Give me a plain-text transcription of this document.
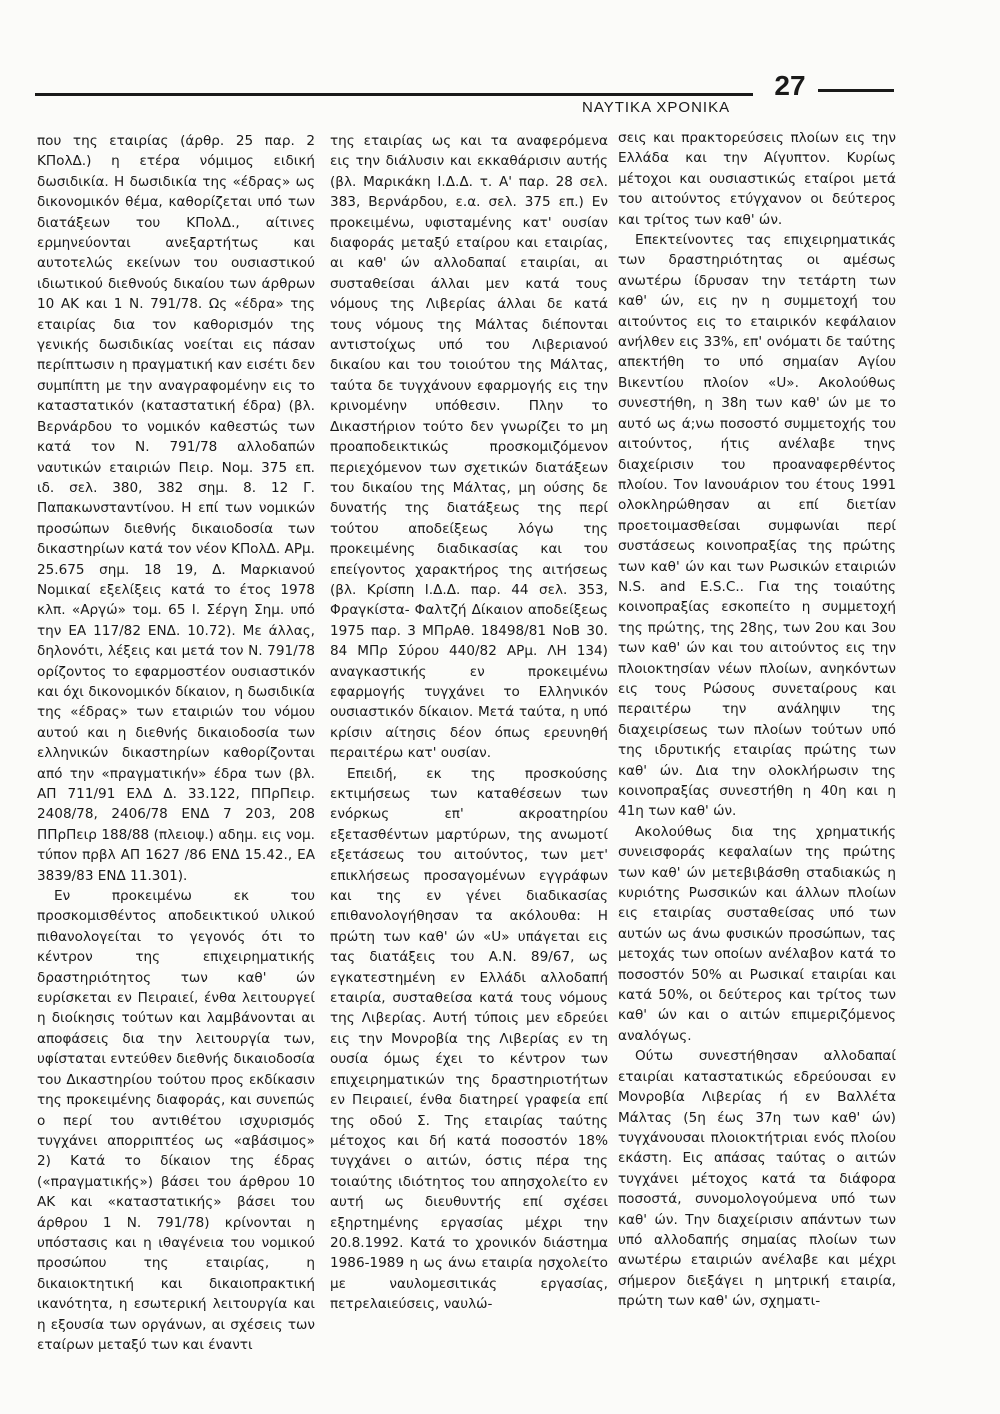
27
ΝΑΥΤΙΚΑ ΧΡΟΝΙΚΑ

που της εταιρίας (άρθρ. 25 παρ. 2 ΚΠολΔ.) η ετέρα νόμιμος ειδική δωσιδικία. Η δωσιδικία της «έδρας» ως δικονομικόν θέμα, καθορίζεται υπό των διατάξεων του ΚΠολΔ., αίτινες ερμηνεύονται ανεξαρτήτως και αυτοτελώς εκείνων του ουσιαστικού ιδιωτικού διεθνούς δικαίου των άρθρων 10 ΑΚ και 1 Ν. 791/78. Ως «έδρα» της εταιρίας δια τον καθορισμόν της γενικής δωσιδικίας νοείται εις πάσαν περίπτωσιν η πραγματική καν εισέτι δεν συμπίπτη με την αναγραφομένην εις το καταστατικόν (καταστατική έδρα) (βλ. Βερνάρδου το νομικόν καθεστώς των κατά τον Ν. 791/78 αλλοδαπών ναυτικών εταιριών Πειρ. Νομ. 375 επ. ιδ. σελ. 380, 382 σημ. 8. 12 Γ. Παπακωνσταντίνου. Η επί των νομικών προσώπων διεθνής δικαιοδοσία των δικαστηρίων κατά τον νέον ΚΠολΔ. ΑΡμ. 25.675 σημ. 18 19, Δ. Μαρκιανού Νομικαί εξελίξεις κατά το έτος 1978 κλπ. «Αργώ» τομ. 65 Ι. Σέργη Σημ. υπό την ΕΑ 117/82 ΕΝΔ. 10.72). Με άλλας, δηλονότι, λέξεις και μετά τον Ν. 791/78 ορίζοντος το εφαρμοστέον ουσιαστικόν και όχι δικονομικόν δίκαιον, η δωσιδικία της «έδρας» των εταιριών του νόμου αυτού και η διεθνής δικαιοδοσία των ελληνικών δικαστηρίων καθορίζονται από την «πραγματικήν» έδρα των (βλ. ΑΠ 711/91 ΕλΔ Δ. 33.122, ΠΠρΠειρ. 2408/78, 2406/78 ΕΝΔ 7 203, 208 ΠΠρΠειρ 188/88 (πλειοψ.) αδημ. εις νομ. τύπον πρβλ ΑΠ 1627 /86 ΕΝΔ 15.42., ΕΑ 3839/83 ΕΝΔ 11.301).

Εν προκειμένω εκ του προσκομισθέντος αποδεικτικού υλικού πιθανολογείται το γεγονός ότι το κέντρον της επιχειρηματικής δραστηριότητος των καθ' ών ευρίσκεται εν Πειραιεί, ένθα λειτουργεί η διοίκησις τούτων και λαμβάνονται αι αποφάσεις δια την λειτουργία των, υφίσταται εντεύθεν διεθνής δικαιοδοσία του Δικαστηρίου τούτου προς εκδίκασιν της προκειμένης διαφοράς, και συνεπώς ο περί του αντιθέτου ισχυρισμός τυγχάνει απορριπτέος ως «αβάσιμος» 2) Κατά το δίκαιον της έδρας («πραγματικής») βάσει του άρθρου 10 ΑΚ και «καταστατικής» βάσει του άρθρου 1 Ν. 791/78) κρίνονται η υπόστασις και η ιθαγένεια του νομικού προσώπου της εταιρίας, η δικαιοκτητική και δικαιοπρακτική ικανότητα, η εσωτερική λειτουργία και η εξουσία των οργάνων, αι σχέσεις των εταίρων μεταξύ των και έναντι

της εταιρίας ως και τα αναφερόμενα εις την διάλυσιν και εκκαθάρισιν αυτής (βλ. Μαρικάκη Ι.Δ.Δ. τ. Α' παρ. 28 σελ. 383, Βερνάρδου, ε.α. σελ. 375 επ.) Εν προκειμένω, υφισταμένης κατ' ουσίαν διαφοράς μεταξύ εταίρου και εταιρίας, αι καθ' ών αλλοδαπαί εταιρίαι, αι συσταθείσαι άλλαι μεν κατά τους νόμους της Λιβερίας άλλαι δε κατά τους νόμους της Μάλτας διέπονται αντιστοίχως υπό του Λιβεριανού δικαίου και του τοιούτου της Μάλτας, ταύτα δε τυγχάνουν εφαρμογής εις την κρινομένην υπόθεσιν. Πλην το Δικαστήριον τούτο δεν γνωρίζει το μη προαποδεικτικώς προσκομιζόμενον περιεχόμενον των σχετικών διατάξεων του δικαίου της Μάλτας, μη ούσης δε δυνατής της διατάξεως της περί τούτου αποδείξεως λόγω της προκειμένης διαδικασίας και του επείγοντος χαρακτήρος της αιτήσεως (βλ. Κρίσπη Ι.Δ.Δ. παρ. 44 σελ. 353, Φραγκίστα- Φαλτζή Δίκαιον αποδείξεως 1975 παρ. 3 ΜΠρΑθ. 18498/81 ΝοΒ 30. 84 ΜΠρ Σύρου 440/82 ΑΡμ. ΛΗ 134) αναγκαστικής εν προκειμένω εφαρμογής τυγχάνει το Ελληνικόν ουσιαστικόν δίκαιον. Μετά ταύτα, η υπό κρίσιν αίτησις δέον όπως ερευνηθή περαιτέρω κατ' ουσίαν.

Επειδή, εκ της προσκούσης εκτιμήσεως των καταθέσεων των ενόρκως επ' ακροατηρίου εξετασθέντων μαρτύρων, της ανωμοτί εξετάσεως του αιτούντος, των μετ' επικλήσεως προσαγομένων εγγράφων και της εν γένει διαδικασίας επιθανολογήθησαν τα ακόλουθα: Η πρώτη των καθ' ών «U» υπάγεται εις τας διατάξεις του Α.Ν. 89/67, ως εγκατεστημένη εν Ελλάδι αλλοδαπή εταιρία, συσταθείσα κατά τους νόμους της Λιβερίας. Αυτή τύποις μεν εδρεύει εις την Μονροβία της Λιβερίας εν τη ουσία όμως έχει το κέντρον των επιχειρηματικών της δραστηριοτήτων εν Πειραιεί, ένθα διατηρεί γραφεία επί της οδού Σ. Της εταιρίας ταύτης μέτοχος και δή κατά ποσοστόν 18% τυγχάνει ο αιτών, όστις πέρα της τοιαύτης ιδιότητος του απησχολείτο εν αυτή ως διευθυντής επί σχέσει εξηρτημένης εργασίας μέχρι την 20.8.1992. Κατά το χρονικόν διάστημα 1986-1989 η ως άνω εταιρία ησχολείτο με ναυλομεσιτικάς εργασίας, πετρελαιεύσεις, ναυλώ-

σεις και πρακτορεύσεις πλοίων εις την Ελλάδα και την Αίγυπτον. Κυρίως μέτοχοι και ουσιαστικώς εταίροι μετά του αιτούντος ετύγχανον οι δεύτερος και τρίτος των καθ' ών.

Επεκτείνοντες τας επιχειρηματικάς των δραστηριότητας οι αμέσως ανωτέρω ίδρυσαν την τετάρτη των καθ' ών, εις ην η συμμετοχή του αιτούντος εις το εταιρικόν κεφάλαιον ανήλθεν εις 33%, επ' ονόματι δε ταύτης απεκτήθη το υπό σημαίαν Αγίου Βικεντίου πλοίον «U». Ακολούθως συνεστήθη, η 38η των καθ' ών με το αυτό ως ά;νω ποσοστό συμμετοχής του αιτούντος, ήτις ανέλαβε τηνς διαχείρισιν του προαναφερθέντος πλοίου. Τον Ιανουάριον του έτους 1991 ολοκληρώθησαν αι επί διετίαν προετοιμασθείσαι συμφωνίαι περί συστάσεως κοινοπραξίας της πρώτης των καθ' ών και των Ρωσικών εταιριών N.S. and E.S.C.. Για της τοιαύτης κοινοπραξίας εσκοπείτο η συμμετοχή της πρώτης, της 28ης, των 2ου και 3ου των καθ' ών και του αιτούντος εις την πλοιοκτησίαν νέων πλοίων, ανηκόντων εις τους Ρώσους συνεταίρους και περαιτέρω την ανάληψιν της διαχειρίσεως των πλοίων τούτων υπό της ιδρυτικής εταιρίας πρώτης των καθ' ών. Δια την ολοκλήρωσιν της κοινοπραξίας συνεστήθη η 40η και η 41η των καθ' ών.

Ακολούθως δια της χρηματικής συνεισφοράς κεφαλαίων της πρώτης των καθ' ών μετεβιβάσθη σταδιακώς η κυριότης Ρωσσικών και άλλων πλοίων εις εταιρίας συσταθείσας υπό των αυτών ως άνω φυσικών προσώπων, τας μετοχάς των οποίων ανέλαβον κατά το ποσοστόν 50% αι Ρωσικαί εταιρίαι και κατά 50%, οι δεύτερος και τρίτος των καθ' ών και ο αιτών επιμεριζόμενος αναλόγως.

Ούτω συνεστήθησαν αλλοδαπαί εταιρίαι καταστατικώς εδρεύουσαι εν Μονροβία Λιβερίας ή εν Βαλλέτα Μάλτας (5η έως 37η των καθ' ών) τυγχάνουσαι πλοιοκτήτριαι ενός πλοίου εκάστη. Εις απάσας ταύτας ο αιτών τυγχάνει μέτοχος κατά τα διάφορα ποσοστά, συνομολογούμενα υπό των καθ' ών. Την διαχείρισιν απάντων των υπό αλλοδαπής σημαίας πλοίων των ανωτέρω εταιριών ανέλαβε και μέχρι σήμερον διεξάγει η μητρική εταιρία, πρώτη των καθ' ών, σχηματι-
